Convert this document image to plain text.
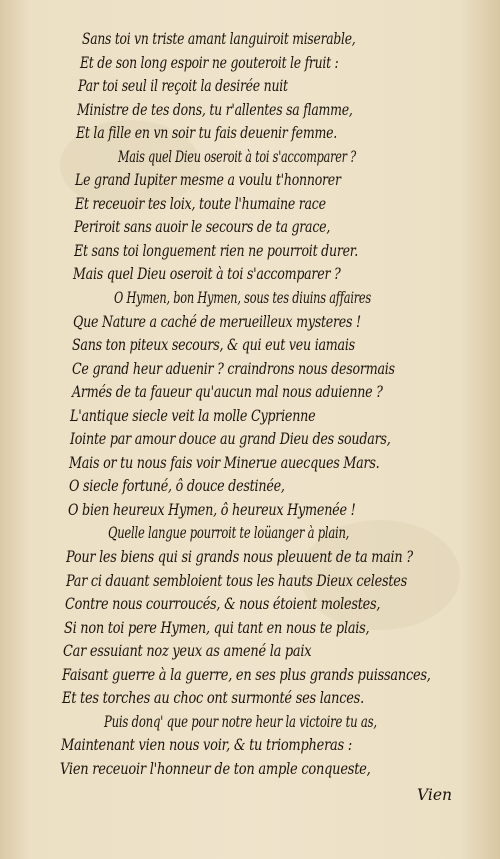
Sans toi vn triste amant languiroit miserable,
Et de son long espoir ne gouteroit le fruit :
Par toi seul il reçoit la desirée nuit
Ministre de tes dons, tu r'allentes sa flamme,
Et la fille en vn soir tu fais deuenir femme.
Mais quel Dieu oseroit à toi s'accomparer ?
Le grand Iupiter mesme a voulu t'honnorer
Et receuoir tes loix, toute l'humaine race
Periroit sans auoir le secours de ta grace,
Et sans toi longuement rien ne pourroit durer.
Mais quel Dieu oseroit à toi s'accomparer ?
O Hymen, bon Hymen, sous tes diuins affaires
Que Nature a caché de merueilleux mysteres !
Sans ton piteux secours, & qui eut veu iamais
Ce grand heur aduenir ? craindrons nous desormais
Armés de ta faueur qu'aucun mal nous aduienne ?
L'antique siecle veit la molle Cyprienne
Iointe par amour douce au grand Dieu des soudars,
Mais or tu nous fais voir Minerue auecques Mars.
O siecle fortuné, ô douce destinée,
O bien heureux Hymen, ô heureux Hymenée !
Quelle langue pourroit te loüanger à plain,
Pour les biens qui si grands nous pleuuent de ta main ?
Par ci dauant sembloient tous les hauts Dieux celestes
Contre nous courroucés, & nous étoient molestes,
Si non toi pere Hymen, qui tant en nous te plais,
Car essuiant noz yeux as amené la paix
Faisant guerre à la guerre, en ses plus grands puissances,
Et tes torches au choc ont surmonté ses lances.
Puis donq' que pour notre heur la victoire tu as,
Maintenant vien nous voir, & tu triompheras :
Vien receuoir l'honneur de ton ample conqueste,
Vien
